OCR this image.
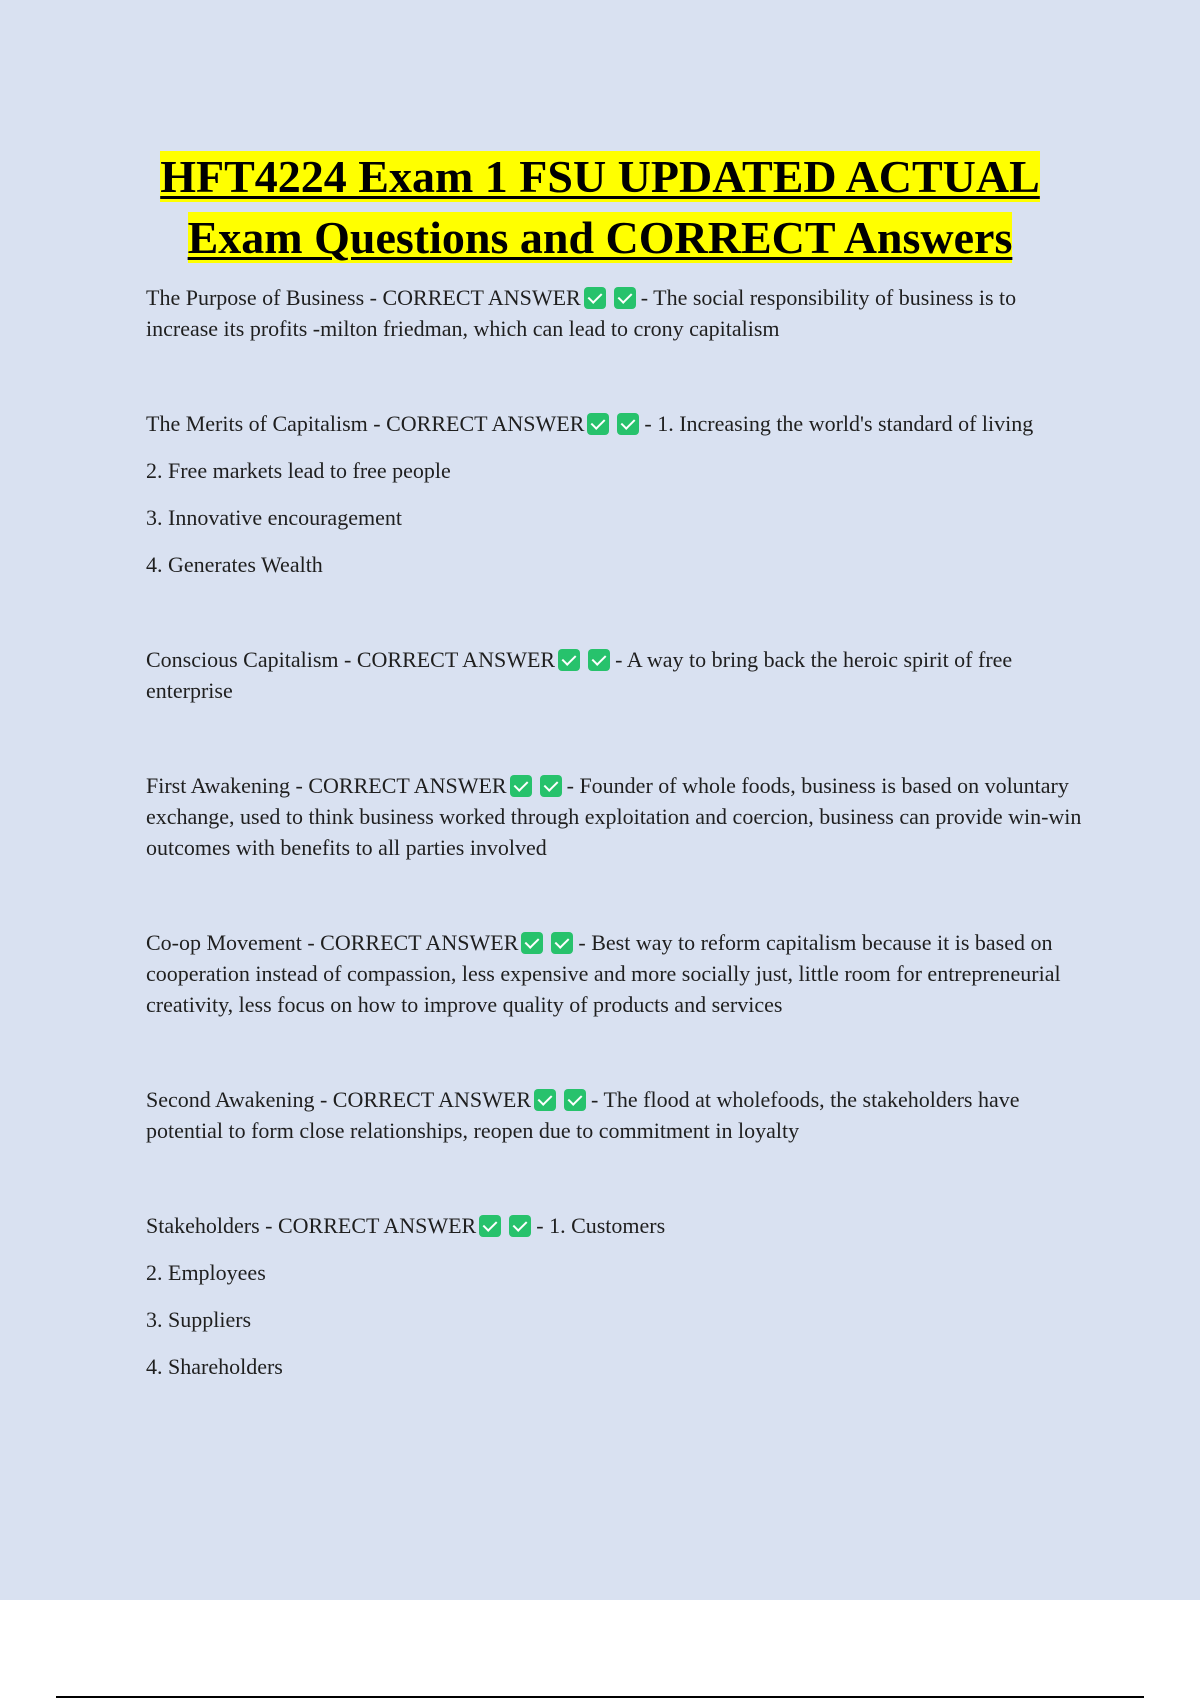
HFT4224 Exam 1 FSU UPDATED ACTUAL Exam Questions and CORRECT Answers

The Purpose of Business - CORRECT ANSWER	- The social responsibility of business is to increase its profits -milton friedman, which can lead to crony capitalism

The Merits of Capitalism - CORRECT ANSWER	- 1. Increasing the world's standard of living

2. Free markets lead to free people

3. Innovative encouragement

4. Generates Wealth

Conscious Capitalism - CORRECT ANSWER	- A way to bring back the heroic spirit of free enterprise

First Awakening - CORRECT ANSWER	- Founder of whole foods, business is based on voluntary exchange, used to think business worked through exploitation and coercion, business can provide win-win outcomes with benefits to all parties involved

Co-op Movement - CORRECT ANSWER	- Best way to reform capitalism because it is based on cooperation instead of compassion, less expensive and more socially just, little room for entrepreneurial creativity, less focus on how to improve quality of products and services

Second Awakening - CORRECT ANSWER	- The flood at wholefoods, the stakeholders have potential to form close relationships, reopen due to commitment in loyalty

Stakeholders - CORRECT ANSWER	- 1. Customers

2. Employees

3. Suppliers

4. Shareholders
